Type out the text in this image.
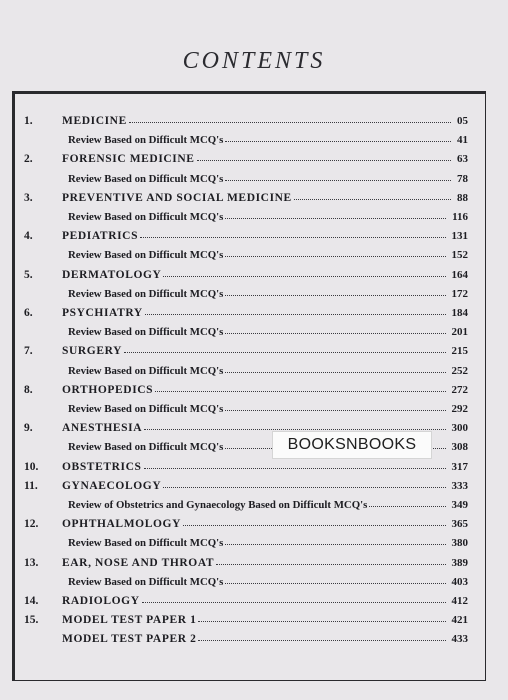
CONTENTS
1.	MEDICINE	05
Review Based on Difficult MCQ's	41
2.	FORENSIC MEDICINE	63
Review Based on Difficult MCQ's	78
3.	PREVENTIVE AND SOCIAL MEDICINE	88
Review Based on Difficult MCQ's	116
4.	PEDIATRICS	131
Review Based on Difficult MCQ's	152
5.	DERMATOLOGY	164
Review Based on Difficult MCQ's	172
6.	PSYCHIATRY	184
Review Based on Difficult MCQ's	201
7.	SURGERY	215
Review Based on Difficult MCQ's	252
8.	ORTHOPEDICS	272
Review Based on Difficult MCQ's	292
9.	ANESTHESIA	300
Review Based on Difficult MCQ's	308
10.	OBSTETRICS	317
11.	GYNAECOLOGY	333
Review of Obstetrics and Gynaecology Based on Difficult MCQ's	349
12.	OPHTHALMOLOGY	365
Review Based on Difficult MCQ's	380
13.	EAR, NOSE AND THROAT	389
Review Based on Difficult MCQ's	403
14.	RADIOLOGY	412
15.	MODEL TEST PAPER 1	421
MODEL TEST PAPER 2	433
BOOKSNBOOKS
